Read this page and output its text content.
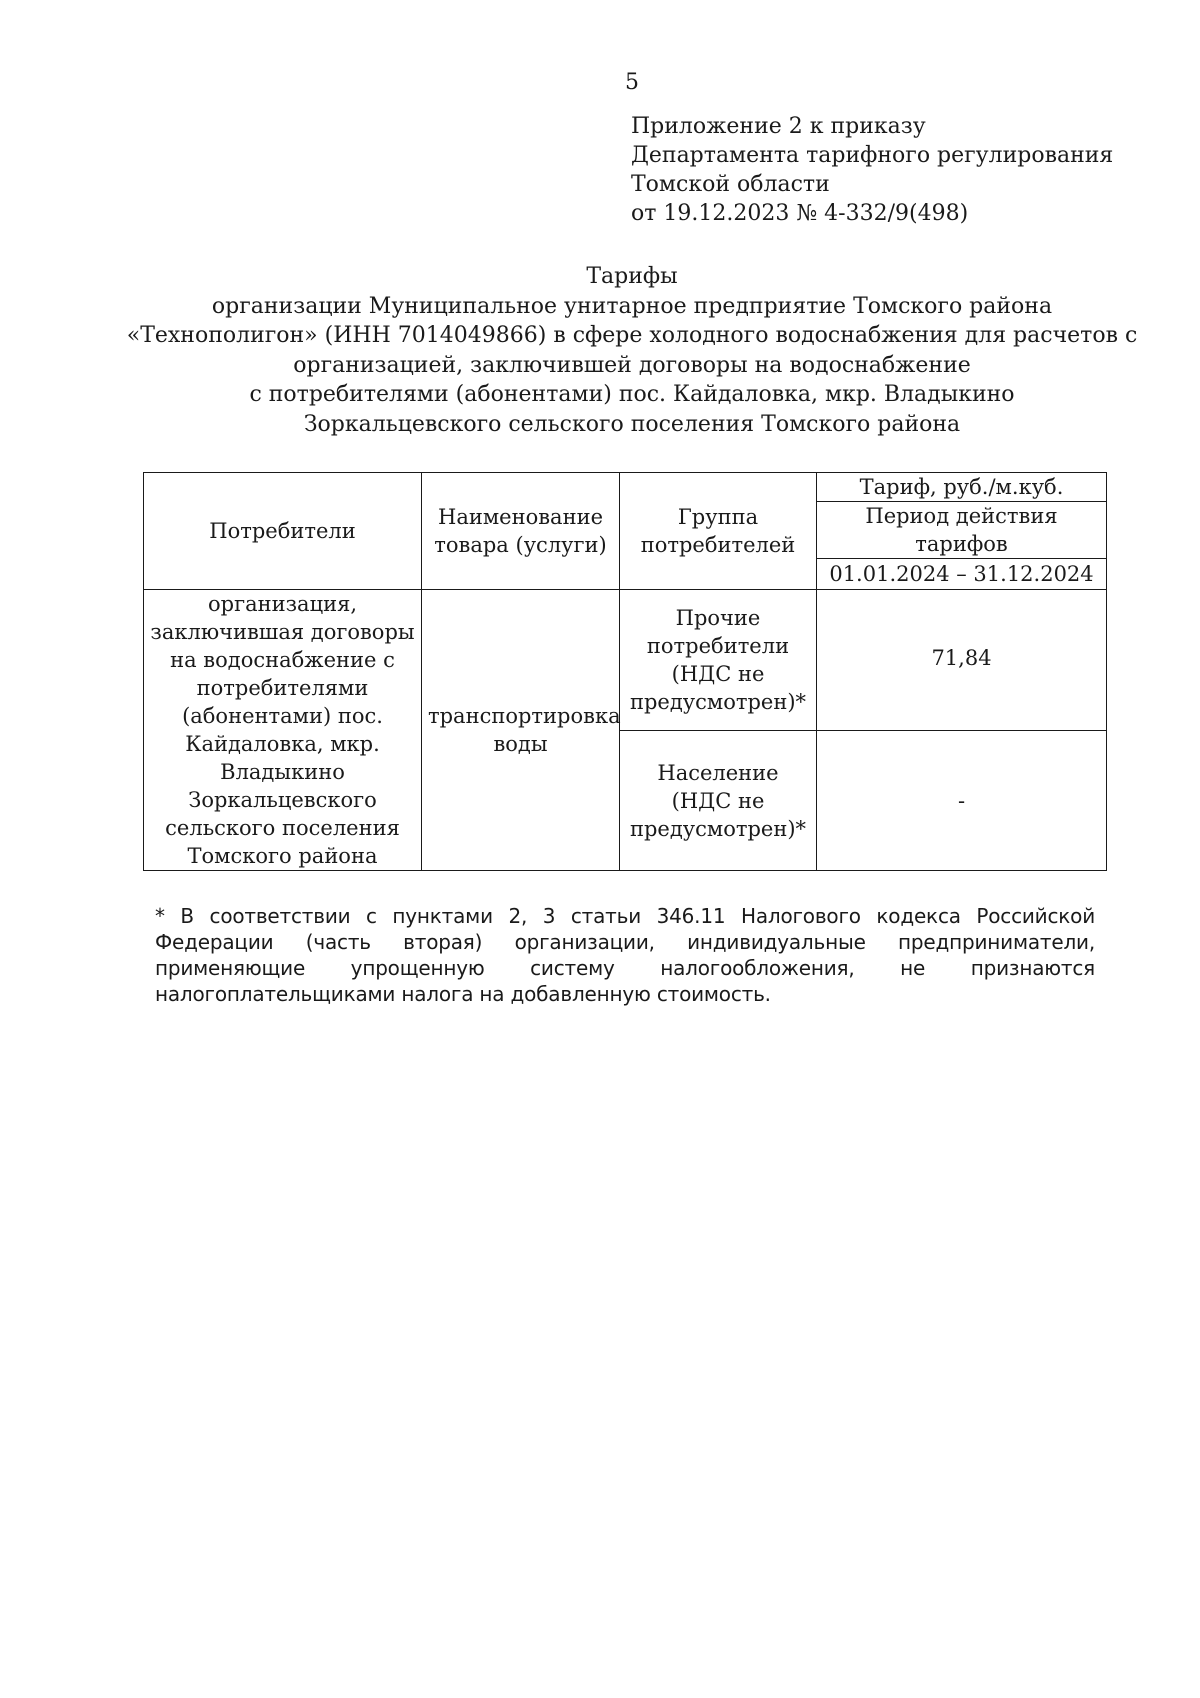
5
Приложение 2 к приказу
Департамента тарифного регулирования
Томской области
от 19.12.2023 № 4-332/9(498)
Тарифы
организации Муниципальное унитарное предприятие Томского района
«Технополигон» (ИНН 7014049866) в сфере холодного водоснабжения для расчетов с
организацией, заключившей договоры на водоснабжение
с потребителями (абонентами) пос. Кайдаловка, мкр. Владыкино
Зоркальцевского сельского поселения Томского района
Потребители	Наименование товара (услуги)	Группа потребителей	Тариф, руб./м.куб.
			Период действия тарифов
			01.01.2024 – 31.12.2024
организация, заключившая договоры на водоснабжение с потребителями (абонентами) пос. Кайдаловка, мкр. Владыкино Зоркальцевского сельского поселения Томского района	транспортировка воды	Прочие потребители (НДС не предусмотрен)*	71,84
		Население (НДС не предусмотрен)*	-
* В соответствии с пунктами 2, 3 статьи 346.11 Налогового кодекса Российской Федерации (часть вторая) организации, индивидуальные предприниматели, применяющие упрощенную систему налогообложения, не признаются налогоплательщиками налога на добавленную стоимость.
